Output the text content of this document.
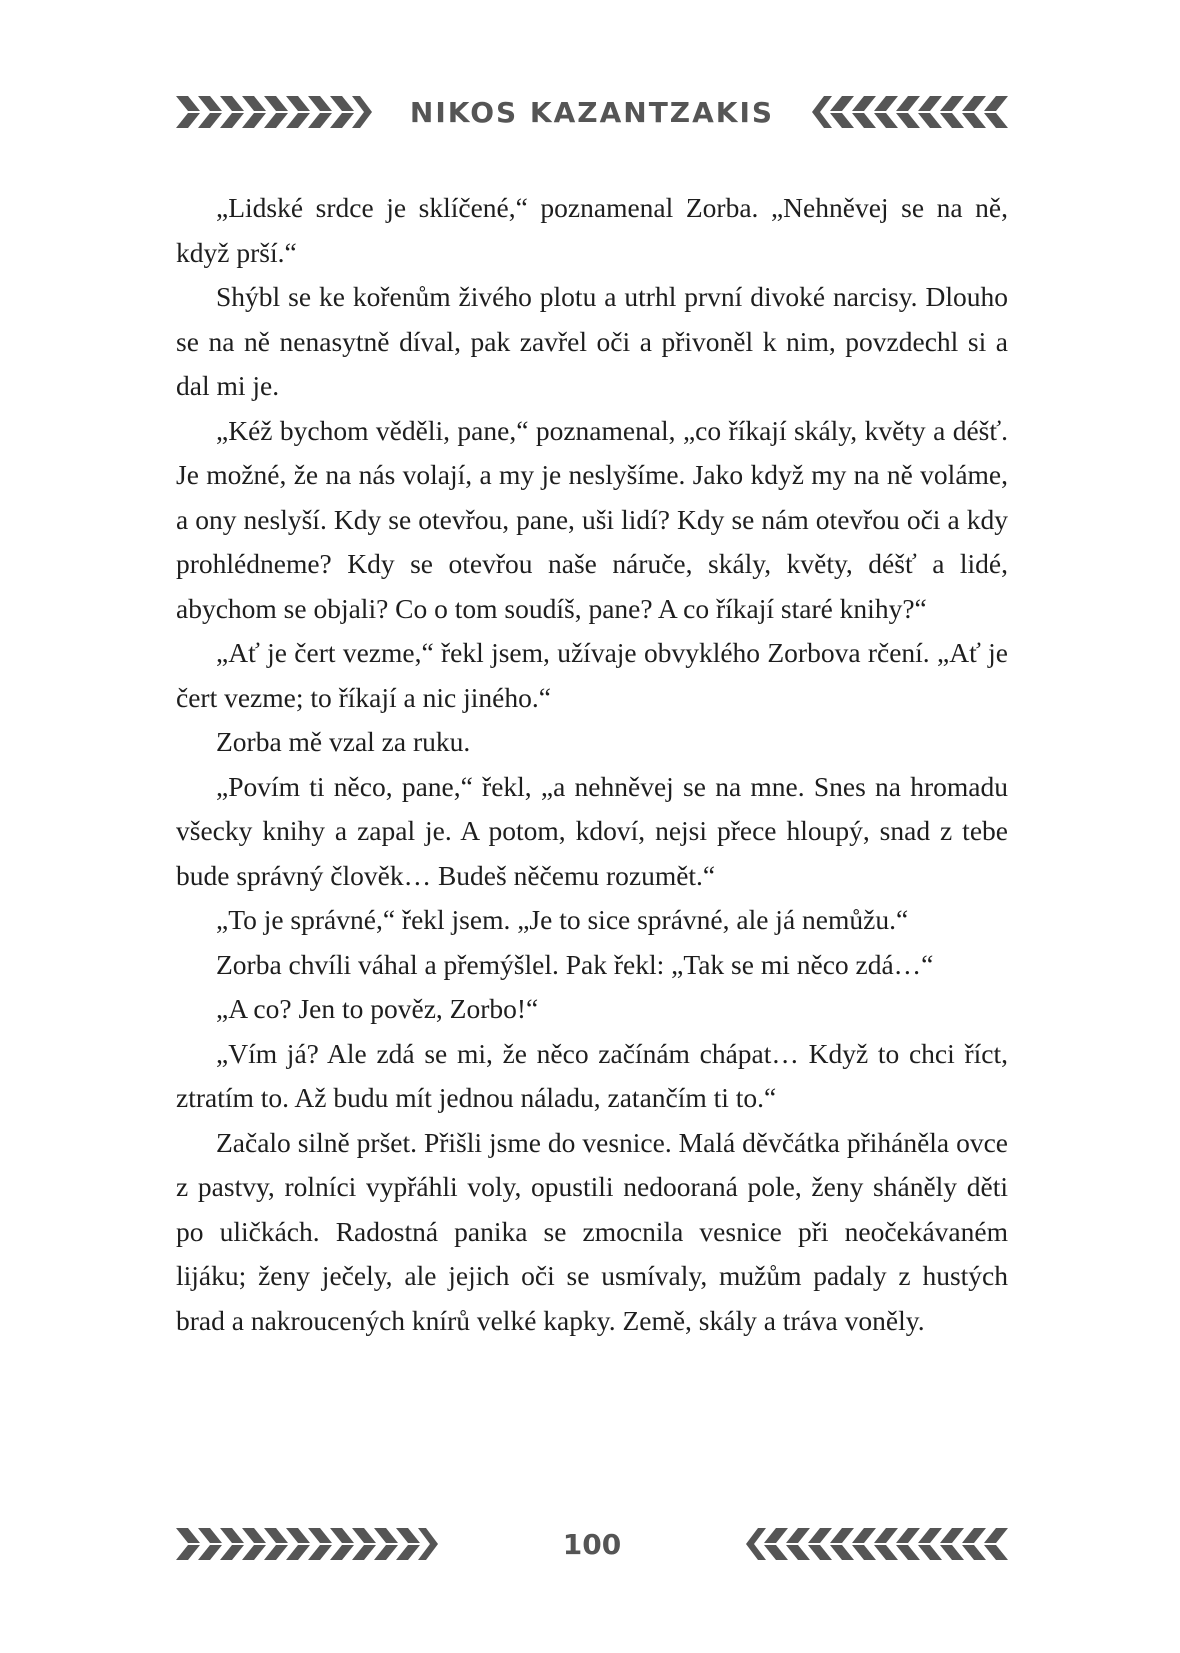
NIKOS KAZANTZAKIS

„Lidské srdce je sklíčené,“ poznamenal Zorba. „Nehněvej se na ně, když prší.“

Shýbl se ke kořenům živého plotu a utrhl první divoké narcisy. Dlouho se na ně nenasytně díval, pak zavřel oči a přivoněl k nim, povzdechl si a dal mi je.

„Kéž bychom věděli, pane,“ poznamenal, „co říkají skály, květy a déšť. Je možné, že na nás volají, a my je neslyšíme. Jako když my na ně voláme, a ony neslyší. Kdy se otevřou, pane, uši lidí? Kdy se nám otevřou oči a kdy prohlédneme? Kdy se otevřou naše náruče, skály, květy, déšť a lidé, abychom se objali? Co o tom soudíš, pane? A co říkají staré knihy?“

„Ať je čert vezme,“ řekl jsem, užívaje obvyklého Zorbova rčení. „Ať je čert vezme; to říkají a nic jiného.“

Zorba mě vzal za ruku.

„Povím ti něco, pane,“ řekl, „a nehněvej se na mne. Snes na hromadu všecky knihy a zapal je. A potom, kdoví, nejsi přece hloupý, snad z tebe bude správný člověk… Budeš něčemu rozumět.“

„To je správné,“ řekl jsem. „Je to sice správné, ale já nemůžu.“

Zorba chvíli váhal a přemýšlel. Pak řekl: „Tak se mi něco zdá…“

„A co? Jen to pověz, Zorbo!“

„Vím já? Ale zdá se mi, že něco začínám chápat… Když to chci říct, ztratím to. Až budu mít jednou náladu, zatančím ti to.“

Začalo silně pršet. Přišli jsme do vesnice. Malá děvčátka přiháněla ovce z pastvy, rolníci vypřáhli voly, opustili nedooraná pole, ženy sháněly děti po uličkách. Radostná panika se zmocnila vesnice při neočekávaném lijáku; ženy ječely, ale jejich oči se usmívaly, mužům padaly z hustých brad a nakroucených knírů velké kapky. Země, skály a tráva voněly.

100
